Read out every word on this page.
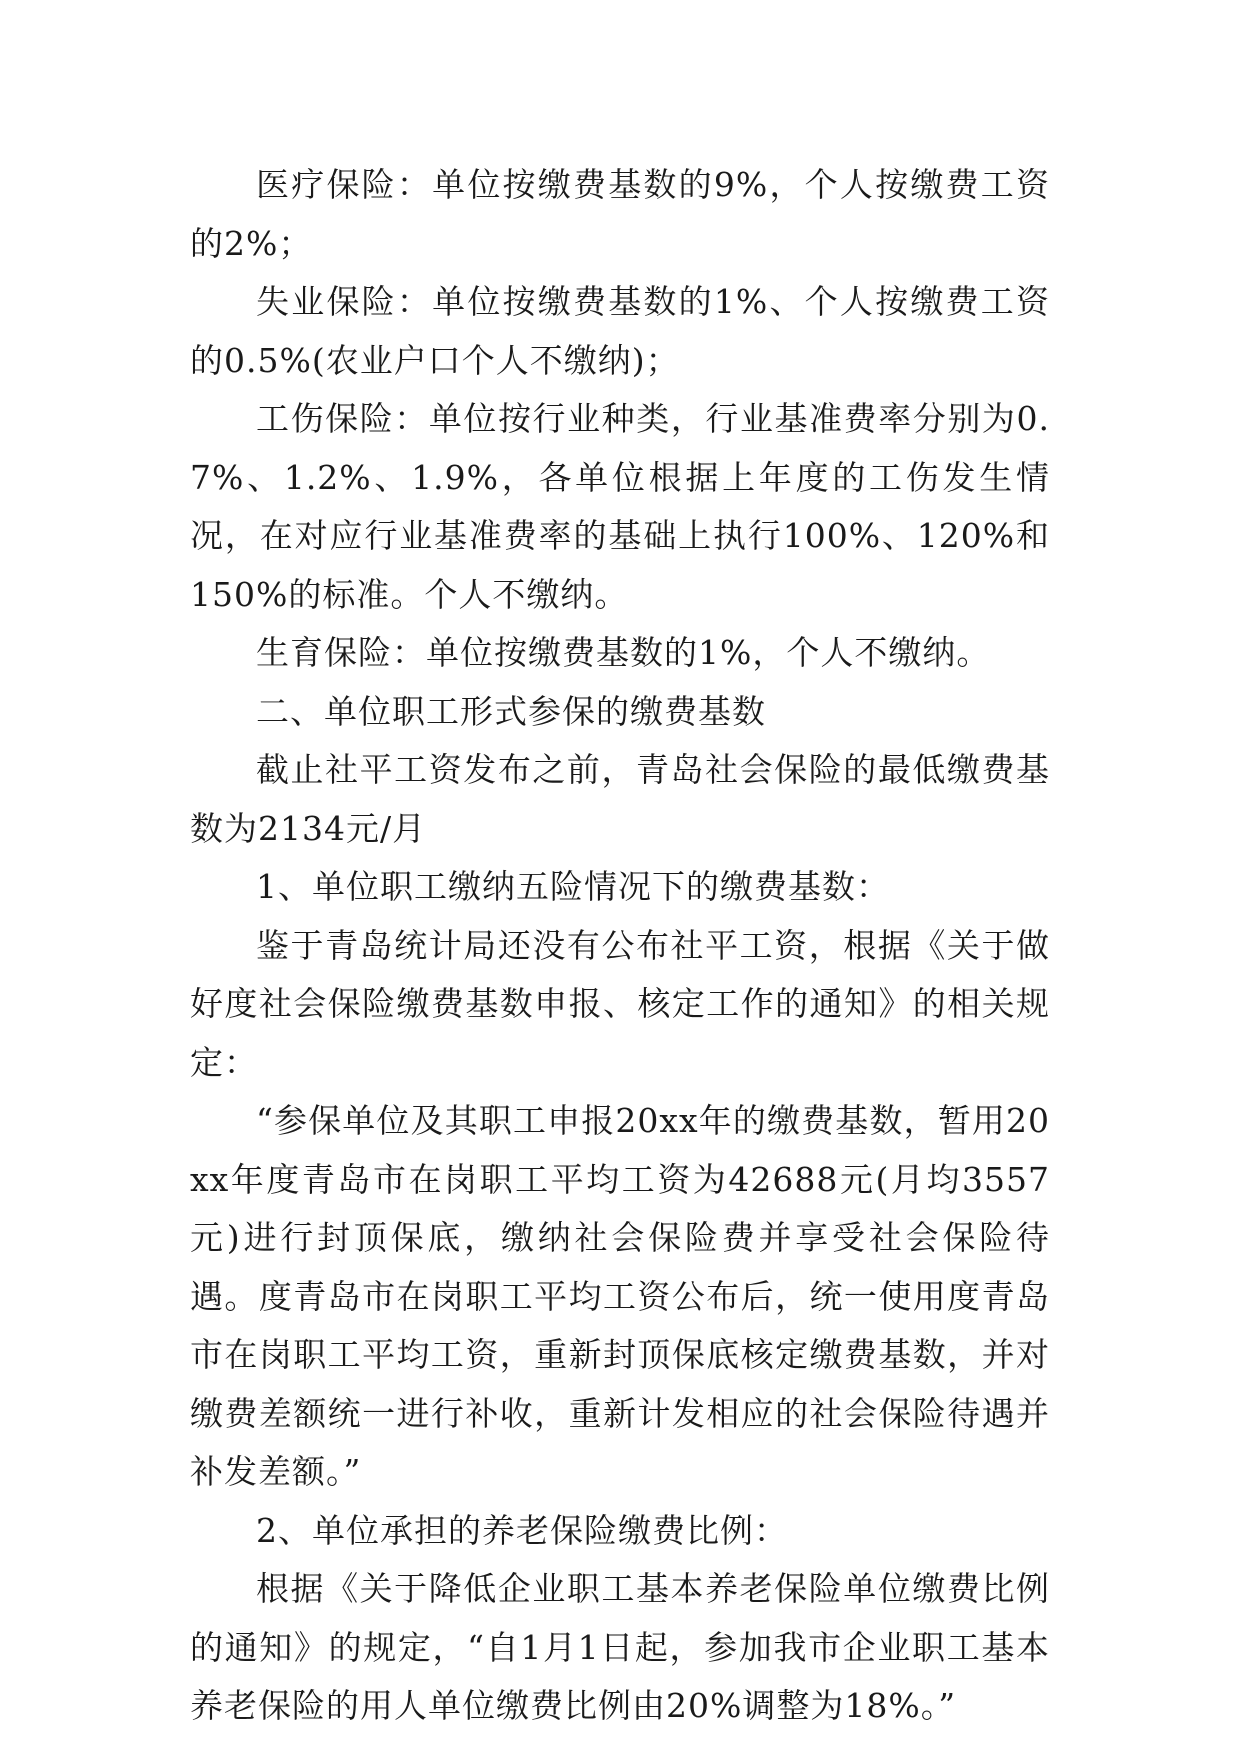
医疗保险：单位按缴费基数的9%，个人按缴费工资的2%；

失业保险：单位按缴费基数的1%、个人按缴费工资的0.5%(农业户口个人不缴纳)；

工伤保险：单位按行业种类，行业基准费率分别为0.7%、1.2%、1.9%，各单位根据上年度的工伤发生情况，在对应行业基准费率的基础上执行100%、120%和150%的标准。个人不缴纳。

生育保险：单位按缴费基数的1%，个人不缴纳。

二、单位职工形式参保的缴费基数

截止社平工资发布之前，青岛社会保险的最低缴费基数为2134元/月

1、单位职工缴纳五险情况下的缴费基数：

鉴于青岛统计局还没有公布社平工资，根据《关于做好度社会保险缴费基数申报、核定工作的通知》的相关规定：

“参保单位及其职工申报20xx年的缴费基数，暂用20xx年度青岛市在岗职工平均工资为42688元(月均3557元)进行封顶保底，缴纳社会保险费并享受社会保险待遇。度青岛市在岗职工平均工资公布后，统一使用度青岛市在岗职工平均工资，重新封顶保底核定缴费基数，并对缴费差额统一进行补收，重新计发相应的社会保险待遇并补发差额。”

2、单位承担的养老保险缴费比例：

根据《关于降低企业职工基本养老保险单位缴费比例的通知》的规定，“自1月1日起，参加我市企业职工基本养老保险的用人单位缴费比例由20%调整为18%。”
